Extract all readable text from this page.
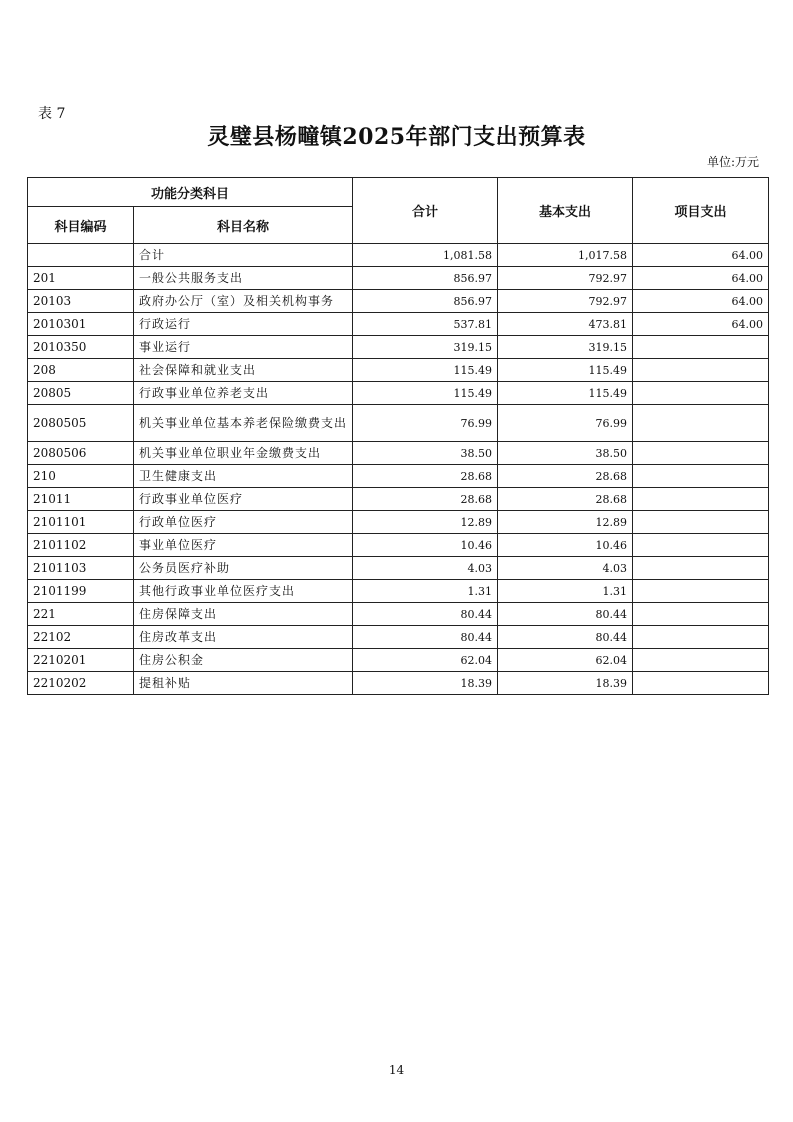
表 7
灵璧县杨疃镇2025年部门支出预算表
单位:万元
功能分类科目		合计	基本支出	项目支出
科目编码	科目名称			
	合计	1,081.58	1,017.58	64.00
201	一般公共服务支出	856.97	792.97	64.00
20103	政府办公厅（室）及相关机构事务	856.97	792.97	64.00
2010301	行政运行	537.81	473.81	64.00
2010350	事业运行	319.15	319.15	
208	社会保障和就业支出	115.49	115.49	
20805	行政事业单位养老支出	115.49	115.49	
2080505	机关事业单位基本养老保险缴费支出	76.99	76.99	
2080506	机关事业单位职业年金缴费支出	38.50	38.50	
210	卫生健康支出	28.68	28.68	
21011	行政事业单位医疗	28.68	28.68	
2101101	行政单位医疗	12.89	12.89	
2101102	事业单位医疗	10.46	10.46	
2101103	公务员医疗补助	4.03	4.03	
2101199	其他行政事业单位医疗支出	1.31	1.31	
221	住房保障支出	80.44	80.44	
22102	住房改革支出	80.44	80.44	
2210201	住房公积金	62.04	62.04	
2210202	提租补贴	18.39	18.39	
14
